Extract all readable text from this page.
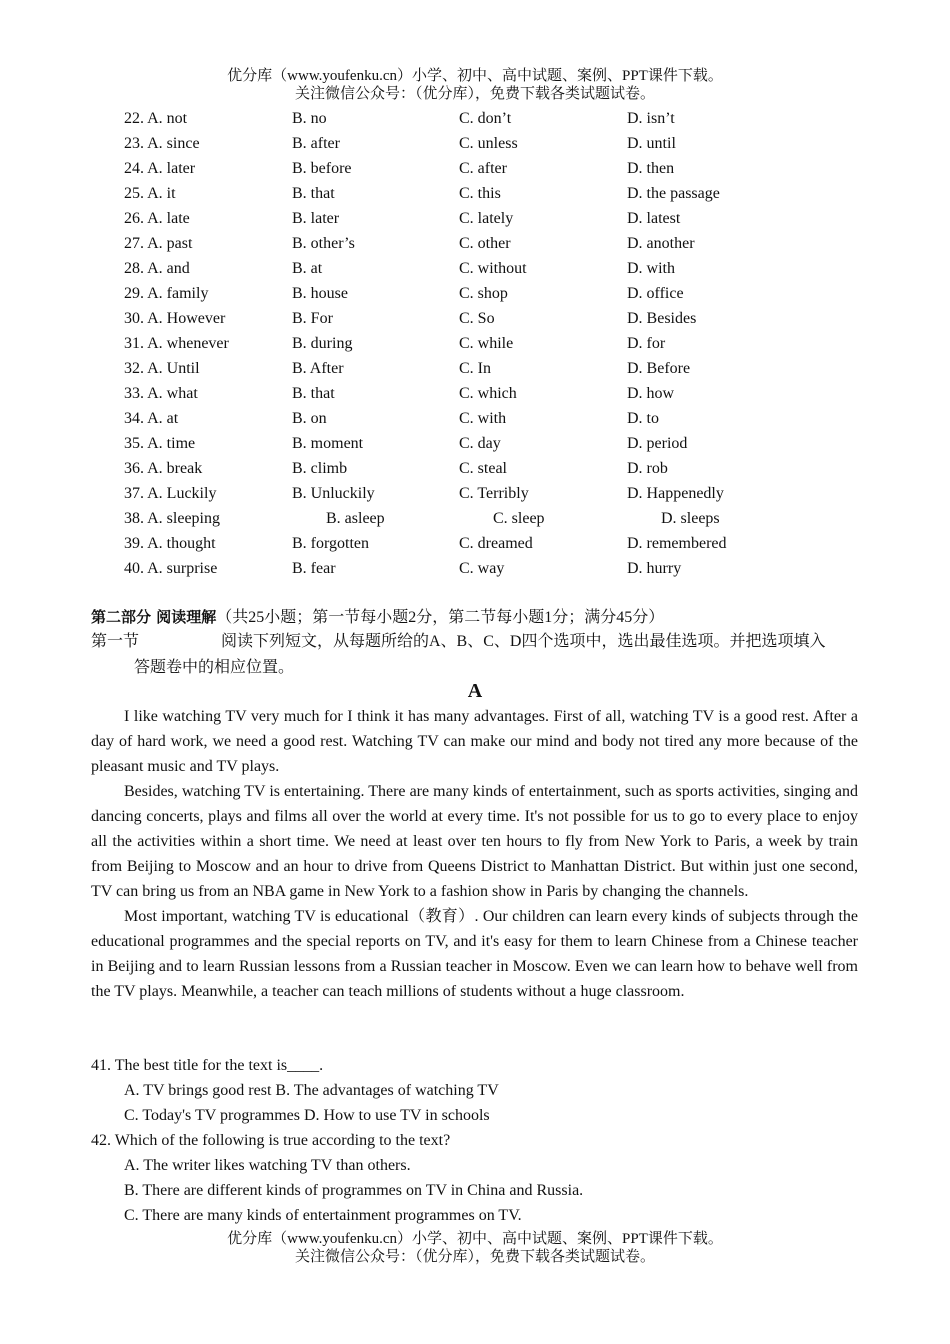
优分库（www.youfenku.cn）小学、初中、高中试题、案例、PPT课件下载。
关注微信公众号：（优分库），免费下载各类试题试卷。
22. A. not	B. no	C. don’t	D. isn’t
23. A. since	B. after	C. unless	D. until
24. A. later	B. before	C. after	D. then
25. A. it	B. that	C. this	D. the passage
26. A. late	B. later	C. lately	D. latest
27. A. past	B. other’s	C. other	D. another
28. A. and	B. at	C. without	D. with
29. A. family	B. house	C. shop	D. office
30. A. However	B. For	C. So	D. Besides
31. A. whenever	B. during	C. while	D. for
32. A. Until	B. After	C. In	D. Before
33. A. what	B. that	C. which	D. how
34. A. at	B. on	C. with	D. to
35. A. time	B. moment	C. day	D. period
36. A. break	B. climb	C. steal	D. rob
37. A. Luckily	B. Unluckily	C. Terribly	D. Happenedly
38. A. sleeping	B. asleep	C. sleep	D. sleeps
39. A. thought	B. forgotten	C. dreamed	D. remembered
40. A. surprise	B. fear	C. way	D. hurry
第二部分 阅读理解（共25小题；第一节每小题2分，第二节每小题1分；满分45分）
第一节	阅读下列短文，从每题所给的A、B、C、D四个选项中，选出最佳选项。并把选项填入
答题卷中的相应位置。
A

I like watching TV very much for I think it has many advantages. First of all, watching TV is a good rest. After a day of hard work, we need a good rest. Watching TV can make our mind and body not tired any more because of the pleasant music and TV plays.

Besides, watching TV is entertaining. There are many kinds of entertainment, such as sports activities, singing and dancing concerts, plays and films all over the world at every time. It's not possible for us to go to every place to enjoy all the activities within a short time. We need at least over ten hours to fly from New York to Paris, a week by train from Beijing to Moscow and an hour to drive from Queens District to Manhattan District. But within just one second, TV can bring us from an NBA game in New York to a fashion show in Paris by changing the channels.

Most important, watching TV is educational（教育）. Our children can learn every kinds of subjects through the educational programmes and the special reports on TV, and it's easy for them to learn Chinese from a Chinese teacher in Beijing and to learn Russian lessons from a Russian teacher in Moscow. Even we can learn how to behave well from the TV plays. Meanwhile, a teacher can teach millions of students without a huge classroom.

41. The best title for the text is____.
A. TV brings good rest B. The advantages of watching TV
C. Today's TV programmes D. How to use TV in schools
42. Which of the following is true according to the text?
A. The writer likes watching TV than others.
B. There are different kinds of programmes on TV in China and Russia.
C. There are many kinds of entertainment programmes on TV.
优分库（www.youfenku.cn）小学、初中、高中试题、案例、PPT课件下载。
关注微信公众号：（优分库），免费下载各类试题试卷。
